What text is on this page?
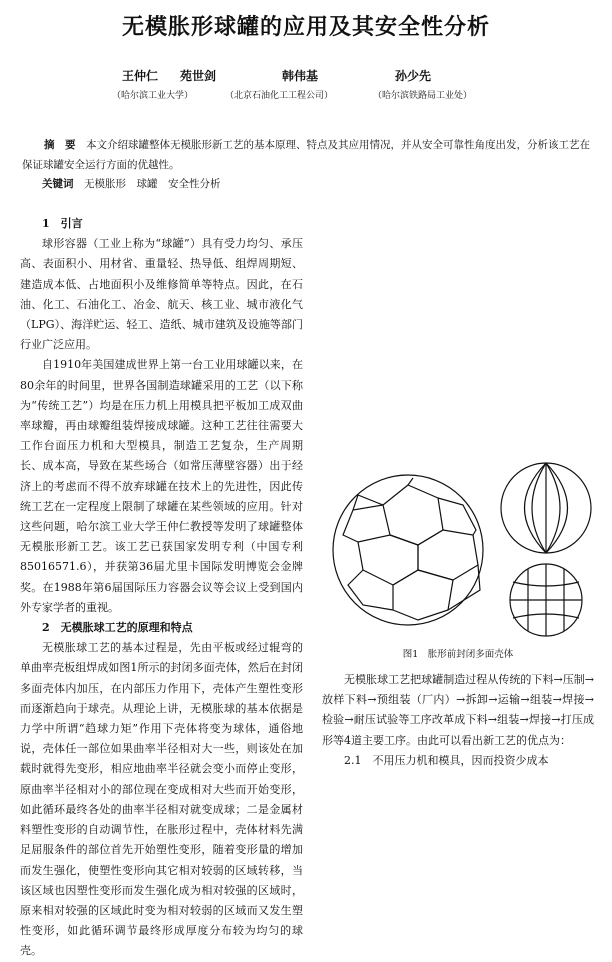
无模胀形球罐的应用及其安全性分析
王仲仁 苑世剑	韩伟基	孙少先
（哈尔滨工业大学）	（北京石油化工工程公司）	（哈尔滨铁路局工业处）
摘　要　 本文介绍球罐整体无模胀形新工艺的基本原理、特点及其应用情况，并从安全可靠性角度出发，分析该工艺在保证球罐安全运行方面的优越性。
关键词　 无模胀形　球罐　安全性分析
1　引言

球形容器（工业上称为“球罐”）具有受力均匀、承压高、表面积小、用材省、重量轻、热导低、组焊周期短、建造成本低、占地面积小及维修简单等特点。因此，在石油、化工、石油化工、冶金、航天、核工业、城市液化气（LPG）、海洋贮运、轻工、造纸、城市建筑及设施等部门行业广泛应用。

自1910年美国建成世界上第一台工业用球罐以来，在80余年的时间里，世界各国制造球罐采用的工艺（以下称为“传统工艺”）均是在压力机上用模具把平板加工成双曲率球瓣，再由球瓣组装焊接成球罐。这种工艺往往需要大工作台面压力机和大型模具，制造工艺复杂，生产周期长、成本高，导致在某些场合（如常压薄壁容器）出于经济上的考虑而不得不放弃球罐在技术上的先进性，因此传统工艺在一定程度上限制了球罐在某些领域的应用。针对这些问题，哈尔滨工业大学王仲仁教授等发明了球罐整体无模胀形新工艺。该工艺已获国家发明专利（中国专利85016571.6），并获第36届尤里卡国际发明博览会金牌奖。在1988年第6届国际压力容器会议等会议上受到国内外专家学者的重视。

2　无模胀球工艺的原理和特点

无模胀球工艺的基本过程是，先由平板或经过辊弯的单曲率壳板组焊成如图1所示的封闭多面壳体，然后在封闭多面壳体内加压，在内部压力作用下，壳体产生塑性变形而逐渐趋向于球壳。从理论上讲，无模胀球的基本依据是力学中所谓“趋球力矩”作用下壳体将变为球体，通俗地说，壳体任一部位如果曲率半径相对大一些，则该处在加载时就得先变形，相应地曲率半径就会变小而停止变形，原曲率半径相对小的部位现在变成相对大些而开始变形，如此循环最终各处的曲率半径相对就变成球；二是金属材料塑性变形的自动调节性，在胀形过程中，壳体材料先满足屈服条件的部位首先开始塑性变形，随着变形量的增加而发生强化，使塑性变形向其它相对较弱的区域转移，当该区域也因塑性变形而发生强化成为相对较强的区域时，原来相对较强的区域此时变为相对较弱的区域而又发生塑性变形，如此循环调节最终形成厚度分布较为均匀的球壳。

图1　胀形前封闭多面壳体

无模胀球工艺把球罐制造过程从传统的下料→压制→放样下料→预组装（厂内）→拆卸→运输→组装→焊接→检验→耐压试验等工序改革成下料→组装→焊接→打压成形等4道主要工序。由此可以看出新工艺的优点为：

2.1　不用压力机和模具，因而投资少成本
